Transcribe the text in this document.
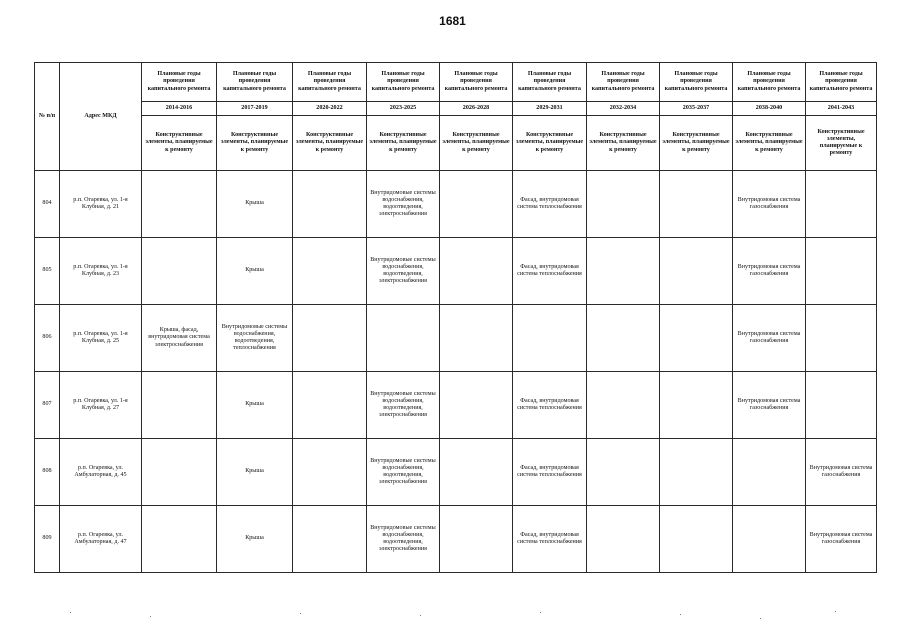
1681
№ п/п	Адрес МКД	Плановые годы проведения капитального ремонта	Плановые годы проведения капитального ремонта	Плановые годы проведения капитального ремонта	Плановые годы проведения капитального ремонта	Плановые годы проведения капитального ремонта	Плановые годы проведения капитального ремонта	Плановые годы проведения капитального ремонта	Плановые годы проведения капитального ремонта	Плановые годы проведения капитального ремонта	Плановые годы проведения капитального ремонта
		2014-2016	2017-2019	2020-2022	2023-2025	2026-2028	2029-2031	2032-2034	2035-2037	2038-2040	2041-2043
		Конструктивные элементы, планируемые к ремонту	Конструктивные элементы, планируемые к ремонту	Конструктивные элементы, планируемые к ремонту	Конструктивные элементы, планируемые к ремонту	Конструктивные элементы, планируемые к ремонту	Конструктивные элементы, планируемые к ремонту	Конструктивные элементы, планируемые к ремонту	Конструктивные элементы, планируемые к ремонту	Конструктивные элементы, планируемые к ремонту	Конструктивные элементы, планируемые к ремонту
804	р.п. Огаревка, ул. 1-я Клубная, д. 21		Крыша		Внутридомовые системы водоснабжения, водоотведения, электроснабжения		Фасад, внутридомовая система теплоснабжения			Внутридомовая система газоснабжения	
805	р.п. Огаревка, ул. 1-я Клубная, д. 23		Крыша		Внутридомовые системы водоснабжения, водоотведения, электроснабжения		Фасад, внутридомовая система теплоснабжения			Внутридомовая система газоснабжения	
806	р.п. Огаревка, ул. 1-я Клубная, д. 25	Крыша, фасад, внутридомовая система электроснабжения	Внутридомовые системы водоснабжения, водоотведения, теплоснабжения							Внутридомовая система газоснабжения	
807	р.п. Огаревка, ул. 1-я Клубная, д. 27		Крыша		Внутридомовые системы водоснабжения, водоотведения, электроснабжения		Фасад, внутридомовая система теплоснабжения			Внутридомовая система газоснабжения	
808	р.п. Огаревка, ул. Амбулаторная, д. 45		Крыша		Внутридомовые системы водоснабжения, водоотведения, электроснабжения		Фасад, внутридомовая система теплоснабжения				Внутридомовая система газоснабжения
809	р.п. Огаревка, ул. Амбулаторная, д. 47		Крыша		Внутридомовые системы водоснабжения, водоотведения, электроснабжения		Фасад, внутридомовая система теплоснабжения				Внутридомовая система газоснабжения
